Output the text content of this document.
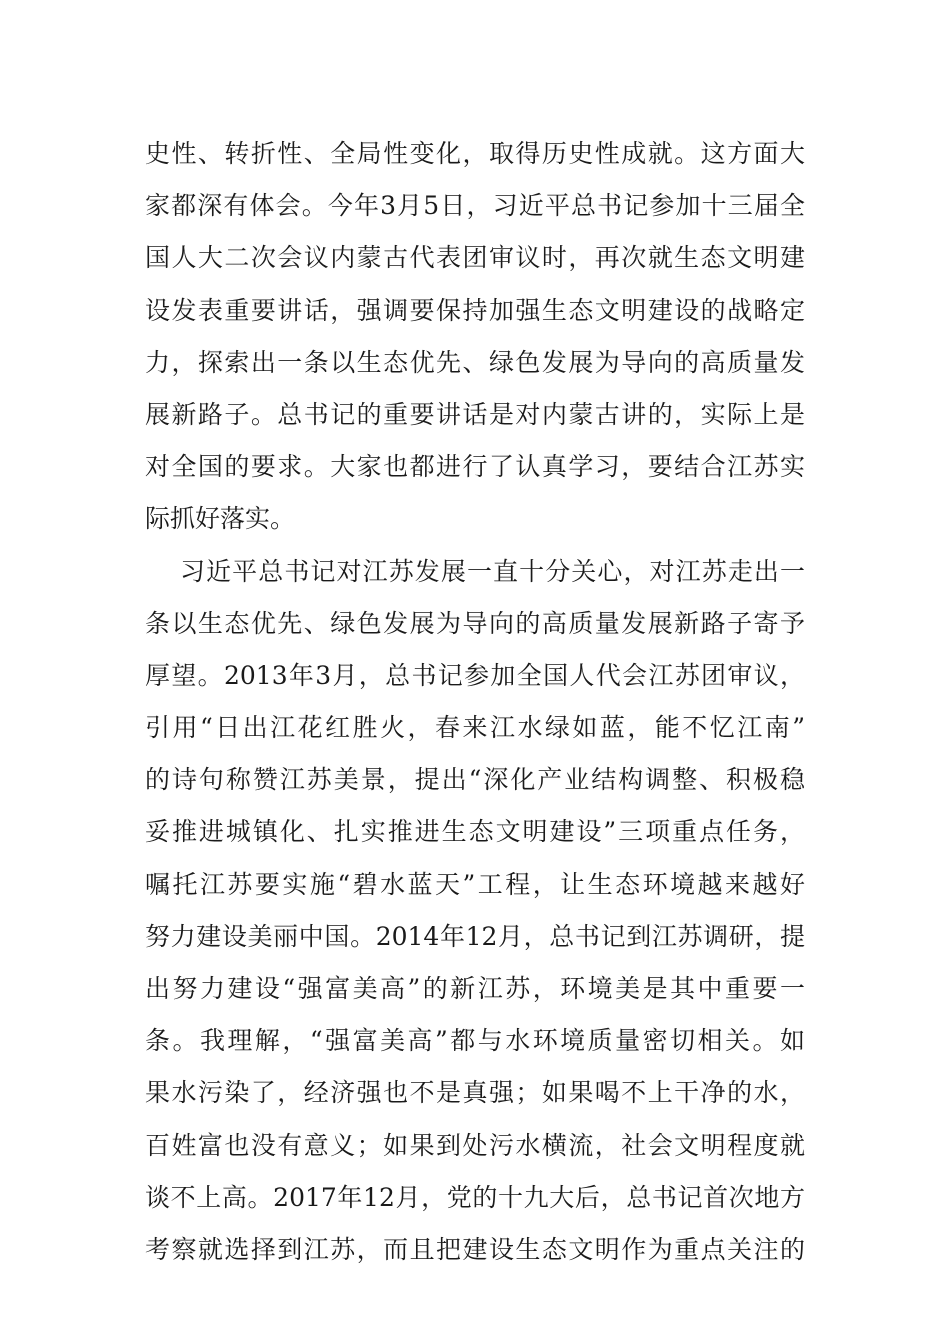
史性、转折性、全局性变化，取得历史性成就。这方面大
家都深有体会。今年3月5日，习近平总书记参加十三届全
国人大二次会议内蒙古代表团审议时，再次就生态文明建
设发表重要讲话，强调要保持加强生态文明建设的战略定
力，探索出一条以生态优先、绿色发展为导向的高质量发
展新路子。总书记的重要讲话是对内蒙古讲的，实际上是
对全国的要求。大家也都进行了认真学习，要结合江苏实
际抓好落实。
习近平总书记对江苏发展一直十分关心，对江苏走出一
条以生态优先、绿色发展为导向的高质量发展新路子寄予
厚望。2013年3月，总书记参加全国人代会江苏团审议，
引用“日出江花红胜火，春来江水绿如蓝，能不忆江南”
的诗句称赞江苏美景，提出“深化产业结构调整、积极稳
妥推进城镇化、扎实推进生态文明建设”三项重点任务，
嘱托江苏要实施“碧水蓝天”工程，让生态环境越来越好
努力建设美丽中国。2014年12月，总书记到江苏调研，提
出努力建设“强富美高”的新江苏，环境美是其中重要一
条。我理解，“强富美高”都与水环境质量密切相关。如
果水污染了，经济强也不是真强；如果喝不上干净的水，
百姓富也没有意义；如果到处污水横流，社会文明程度就
谈不上高。2017年12月，党的十九大后，总书记首次地方
考察就选择到江苏，而且把建设生态文明作为重点关注的
